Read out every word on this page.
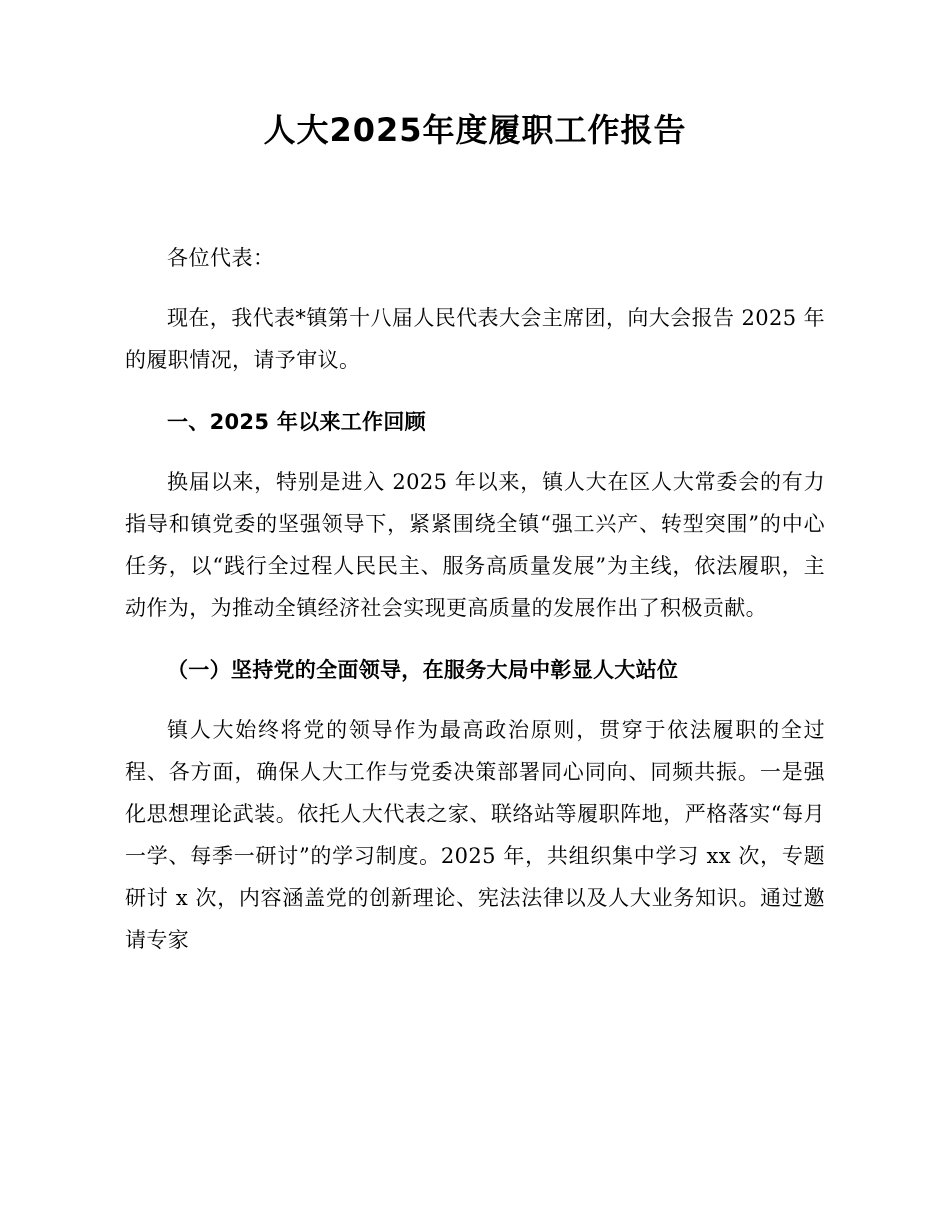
人大2025年度履职工作报告
各位代表：

现在，我代表*镇第十八届人民代表大会主席团，向大会报告 2025 年的履职情况，请予审议。

一、2025 年以来工作回顾

换届以来，特别是进入 2025 年以来，镇人大在区人大常委会的有力指导和镇党委的坚强领导下，紧紧围绕全镇“强工兴产、转型突围”的中心任务，以“践行全过程人民民主、服务高质量发展”为主线，依法履职，主动作为，为推动全镇经济社会实现更高质量的发展作出了积极贡献。

（一）坚持党的全面领导，在服务大局中彰显人大站位

镇人大始终将党的领导作为最高政治原则，贯穿于依法履职的全过程、各方面，确保人大工作与党委决策部署同心同向、同频共振。一是强化思想理论武装。依托人大代表之家、联络站等履职阵地，严格落实“每月一学、每季一研讨”的学习制度。2025 年，共组织集中学习 xx 次，专题研讨 x 次，内容涵盖党的创新理论、宪法法律以及人大业务知识。通过邀请专家
